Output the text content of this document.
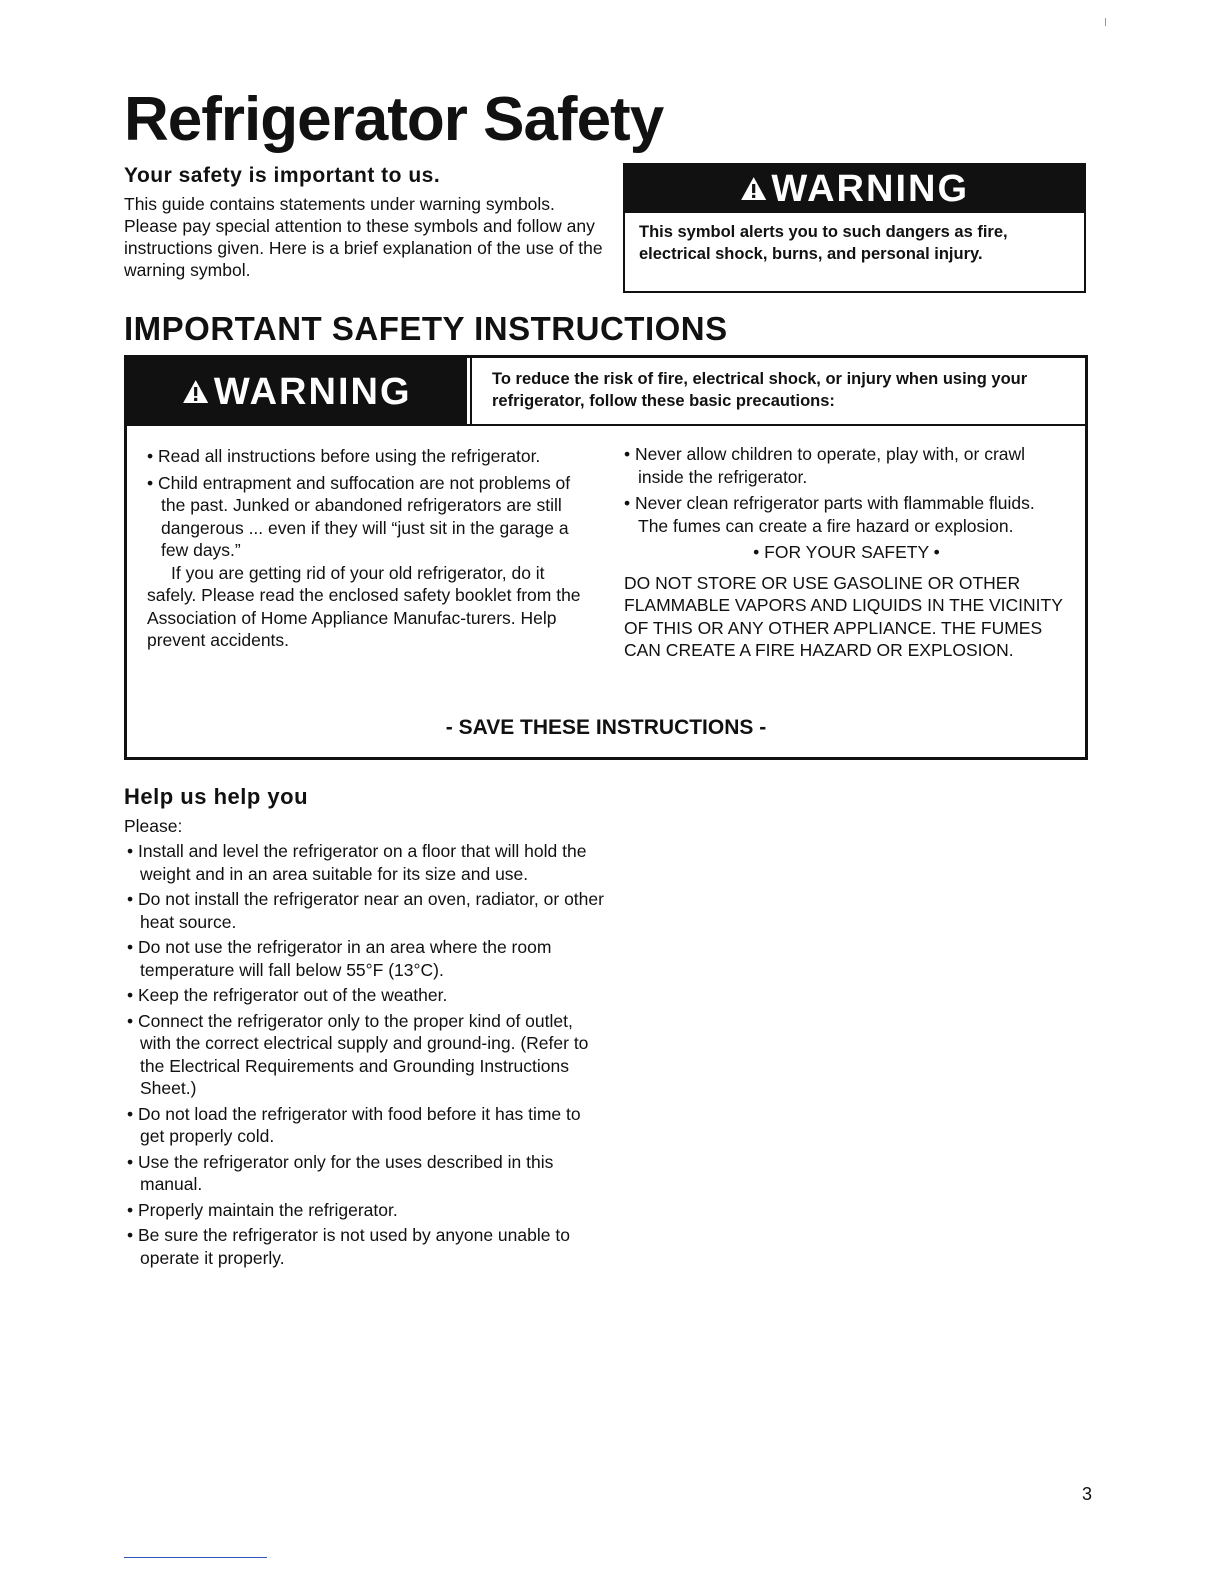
Refrigerator Safety
Your safety is important to us.

This guide contains statements under warning symbols. Please pay special attention to these symbols and follow any instructions given. Here is a brief explanation of the use of the warning symbol.

WARNING

This symbol alerts you to such dangers as fire, electrical shock, burns, and personal injury.

IMPORTANT SAFETY INSTRUCTIONS
WARNING	To reduce the risk of fire, electrical shock, or injury when using your refrigerator, follow these basic precautions:

• Read all instructions before using the refrigerator.

• Child entrapment and suffocation are not problems of the past. Junked or abandoned refrigerators are still dangerous ... even if they will “just sit in the garage a few days.”

If you are getting rid of your old refrigerator, do it safely. Please read the enclosed safety booklet from the Association of Home Appliance Manufac-turers. Help prevent accidents.

• Never allow children to operate, play with, or crawl inside the refrigerator.

• Never clean refrigerator parts with flammable fluids. The fumes can create a fire hazard or explosion.

• FOR YOUR SAFETY •

DO NOT STORE OR USE GASOLINE OR OTHER FLAMMABLE VAPORS AND LIQUIDS IN THE VICINITY OF THIS OR ANY OTHER APPLIANCE. THE FUMES CAN CREATE A FIRE HAZARD OR EXPLOSION.

- SAVE THESE INSTRUCTIONS -
Help us help you

Please:

• Install and level the refrigerator on a floor that will hold the weight and in an area suitable for its size and use.

• Do not install the refrigerator near an oven, radiator, or other heat source.

• Do not use the refrigerator in an area where the room temperature will fall below 55°F (13°C).

• Keep the refrigerator out of the weather.

• Connect the refrigerator only to the proper kind of outlet, with the correct electrical supply and ground-ing. (Refer to the Electrical Requirements and Grounding Instructions Sheet.)

• Do not load the refrigerator with food before it has time to get properly cold.

• Use the refrigerator only for the uses described in this manual.

• Properly maintain the refrigerator.

• Be sure the refrigerator is not used by anyone unable to operate it properly.

3
